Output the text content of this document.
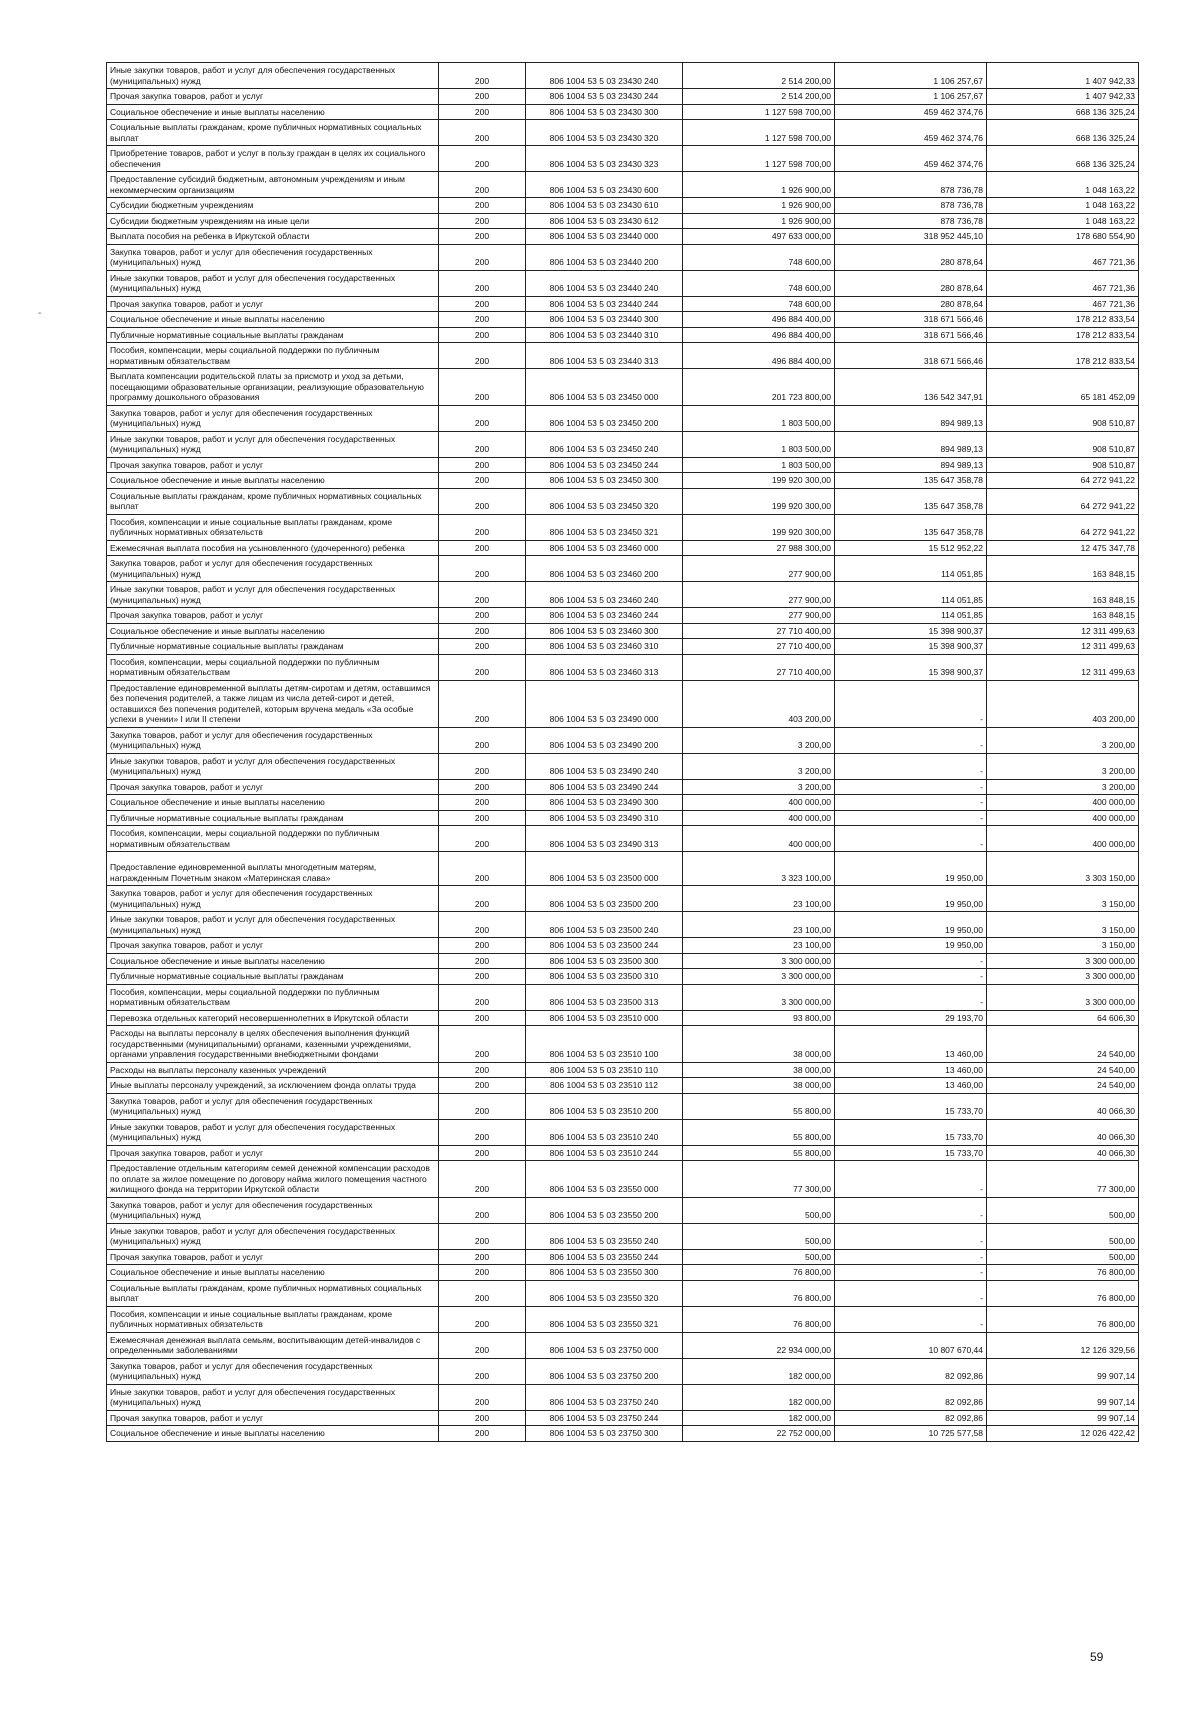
-
Иные закупки товаров, работ и услуг для обеспечения государственных (муниципальных) нужд	200	806 1004 53 5 03 23430 240	2 514 200,00	1 106 257,67	1 407 942,33
Прочая закупка товаров, работ и услуг	200	806 1004 53 5 03 23430 244	2 514 200,00	1 106 257,67	1 407 942,33
Социальное обеспечение и иные выплаты населению	200	806 1004 53 5 03 23430 300	1 127 598 700,00	459 462 374,76	668 136 325,24
Социальные выплаты гражданам, кроме публичных нормативных социальных выплат	200	806 1004 53 5 03 23430 320	1 127 598 700,00	459 462 374,76	668 136 325,24
Приобретение товаров, работ и услуг в пользу граждан в целях их социального обеспечения	200	806 1004 53 5 03 23430 323	1 127 598 700,00	459 462 374,76	668 136 325,24
Предоставление субсидий бюджетным, автономным учреждениям и иным некоммерческим организациям	200	806 1004 53 5 03 23430 600	1 926 900,00	878 736,78	1 048 163,22
Субсидии бюджетным учреждениям	200	806 1004 53 5 03 23430 610	1 926 900,00	878 736,78	1 048 163,22
Субсидии бюджетным учреждениям на иные цели	200	806 1004 53 5 03 23430 612	1 926 900,00	878 736,78	1 048 163,22
Выплата пособия на ребенка в Иркутской области	200	806 1004 53 5 03 23440 000	497 633 000,00	318 952 445,10	178 680 554,90
Закупка товаров, работ и услуг для обеспечения государственных (муниципальных) нужд	200	806 1004 53 5 03 23440 200	748 600,00	280 878,64	467 721,36
Иные закупки товаров, работ и услуг для обеспечения государственных (муниципальных) нужд	200	806 1004 53 5 03 23440 240	748 600,00	280 878,64	467 721,36
Прочая закупка товаров, работ и услуг	200	806 1004 53 5 03 23440 244	748 600,00	280 878,64	467 721,36
Социальное обеспечение и иные выплаты населению	200	806 1004 53 5 03 23440 300	496 884 400,00	318 671 566,46	178 212 833,54
Публичные нормативные социальные выплаты гражданам	200	806 1004 53 5 03 23440 310	496 884 400,00	318 671 566,46	178 212 833,54
Пособия, компенсации, меры социальной поддержки по публичным нормативным обязательствам	200	806 1004 53 5 03 23440 313	496 884 400,00	318 671 566,46	178 212 833,54
Выплата компенсации родительской платы за присмотр и уход за детьми, посещающими образовательные организации, реализующие образовательную программу дошкольного образования	200	806 1004 53 5 03 23450 000	201 723 800,00	136 542 347,91	65 181 452,09
Закупка товаров, работ и услуг для обеспечения государственных (муниципальных) нужд	200	806 1004 53 5 03 23450 200	1 803 500,00	894 989,13	908 510,87
Иные закупки товаров, работ и услуг для обеспечения государственных (муниципальных) нужд	200	806 1004 53 5 03 23450 240	1 803 500,00	894 989,13	908 510,87
Прочая закупка товаров, работ и услуг	200	806 1004 53 5 03 23450 244	1 803 500,00	894 989,13	908 510,87
Социальное обеспечение и иные выплаты населению	200	806 1004 53 5 03 23450 300	199 920 300,00	135 647 358,78	64 272 941,22
Социальные выплаты гражданам, кроме публичных нормативных социальных выплат	200	806 1004 53 5 03 23450 320	199 920 300,00	135 647 358,78	64 272 941,22
Пособия, компенсации и иные социальные выплаты гражданам, кроме публичных нормативных обязательств	200	806 1004 53 5 03 23450 321	199 920 300,00	135 647 358,78	64 272 941,22
Ежемесячная выплата пособия на усыновленного (удочеренного) ребенка	200	806 1004 53 5 03 23460 000	27 988 300,00	15 512 952,22	12 475 347,78
Закупка товаров, работ и услуг для обеспечения государственных (муниципальных) нужд	200	806 1004 53 5 03 23460 200	277 900,00	114 051,85	163 848,15
Иные закупки товаров, работ и услуг для обеспечения государственных (муниципальных) нужд	200	806 1004 53 5 03 23460 240	277 900,00	114 051,85	163 848,15
Прочая закупка товаров, работ и услуг	200	806 1004 53 5 03 23460 244	277 900,00	114 051,85	163 848,15
Социальное обеспечение и иные выплаты населению	200	806 1004 53 5 03 23460 300	27 710 400,00	15 398 900,37	12 311 499,63
Публичные нормативные социальные выплаты гражданам	200	806 1004 53 5 03 23460 310	27 710 400,00	15 398 900,37	12 311 499,63
Пособия, компенсации, меры социальной поддержки по публичным нормативным обязательствам	200	806 1004 53 5 03 23460 313	27 710 400,00	15 398 900,37	12 311 499,63
Предоставление единовременной выплаты детям-сиротам и детям, оставшимся без попечения родителей, а также лицам из числа детей-сирот и детей, оставшихся без попечения родителей, которым вручена медаль «За особые успехи в учении» I или II степени	200	806 1004 53 5 03 23490 000	403 200,00	-	403 200,00
Закупка товаров, работ и услуг для обеспечения государственных (муниципальных) нужд	200	806 1004 53 5 03 23490 200	3 200,00	-	3 200,00
Иные закупки товаров, работ и услуг для обеспечения государственных (муниципальных) нужд	200	806 1004 53 5 03 23490 240	3 200,00	-	3 200,00
Прочая закупка товаров, работ и услуг	200	806 1004 53 5 03 23490 244	3 200,00	-	3 200,00
Социальное обеспечение и иные выплаты населению	200	806 1004 53 5 03 23490 300	400 000,00	-	400 000,00
Публичные нормативные социальные выплаты гражданам	200	806 1004 53 5 03 23490 310	400 000,00	-	400 000,00
Пособия, компенсации, меры социальной поддержки по публичным нормативным обязательствам	200	806 1004 53 5 03 23490 313	400 000,00	-	400 000,00
Предоставление единовременной выплаты многодетным матерям, награжденным Почетным знаком «Материнская слава»	200	806 1004 53 5 03 23500 000	3 323 100,00	19 950,00	3 303 150,00
Закупка товаров, работ и услуг для обеспечения государственных (муниципальных) нужд	200	806 1004 53 5 03 23500 200	23 100,00	19 950,00	3 150,00
Иные закупки товаров, работ и услуг для обеспечения государственных (муниципальных) нужд	200	806 1004 53 5 03 23500 240	23 100,00	19 950,00	3 150,00
Прочая закупка товаров, работ и услуг	200	806 1004 53 5 03 23500 244	23 100,00	19 950,00	3 150,00
Социальное обеспечение и иные выплаты населению	200	806 1004 53 5 03 23500 300	3 300 000,00	-	3 300 000,00
Публичные нормативные социальные выплаты гражданам	200	806 1004 53 5 03 23500 310	3 300 000,00	-	3 300 000,00
Пособия, компенсации, меры социальной поддержки по публичным нормативным обязательствам	200	806 1004 53 5 03 23500 313	3 300 000,00	-	3 300 000,00
Перевозка отдельных категорий несовершеннолетних в Иркутской области	200	806 1004 53 5 03 23510 000	93 800,00	29 193,70	64 606,30
Расходы на выплаты персоналу в целях обеспечения выполнения функций государственными (муниципальными) органами, казенными учреждениями, органами управления государственными внебюджетными фондами	200	806 1004 53 5 03 23510 100	38 000,00	13 460,00	24 540,00
Расходы на выплаты персоналу казенных учреждений	200	806 1004 53 5 03 23510 110	38 000,00	13 460,00	24 540,00
Иные выплаты персоналу учреждений, за исключением фонда оплаты труда	200	806 1004 53 5 03 23510 112	38 000,00	13 460,00	24 540,00
Закупка товаров, работ и услуг для обеспечения государственных (муниципальных) нужд	200	806 1004 53 5 03 23510 200	55 800,00	15 733,70	40 066,30
Иные закупки товаров, работ и услуг для обеспечения государственных (муниципальных) нужд	200	806 1004 53 5 03 23510 240	55 800,00	15 733,70	40 066,30
Прочая закупка товаров, работ и услуг	200	806 1004 53 5 03 23510 244	55 800,00	15 733,70	40 066,30
Предоставление отдельным категориям семей денежной компенсации расходов по оплате за жилое помещение по договору найма жилого помещения частного жилищного фонда на территории Иркутской области	200	806 1004 53 5 03 23550 000	77 300,00	-	77 300,00
Закупка товаров, работ и услуг для обеспечения государственных (муниципальных) нужд	200	806 1004 53 5 03 23550 200	500,00	-	500,00
Иные закупки товаров, работ и услуг для обеспечения государственных (муниципальных) нужд	200	806 1004 53 5 03 23550 240	500,00	-	500,00
Прочая закупка товаров, работ и услуг	200	806 1004 53 5 03 23550 244	500,00	-	500,00
Социальное обеспечение и иные выплаты населению	200	806 1004 53 5 03 23550 300	76 800,00	-	76 800,00
Социальные выплаты гражданам, кроме публичных нормативных социальных выплат	200	806 1004 53 5 03 23550 320	76 800,00	-	76 800,00
Пособия, компенсации и иные социальные выплаты гражданам, кроме публичных нормативных обязательств	200	806 1004 53 5 03 23550 321	76 800,00	-	76 800,00
Ежемесячная денежная выплата семьям, воспитывающим детей-инвалидов с определенными заболеваниями	200	806 1004 53 5 03 23750 000	22 934 000,00	10 807 670,44	12 126 329,56
Закупка товаров, работ и услуг для обеспечения государственных (муниципальных) нужд	200	806 1004 53 5 03 23750 200	182 000,00	82 092,86	99 907,14
Иные закупки товаров, работ и услуг для обеспечения государственных (муниципальных) нужд	200	806 1004 53 5 03 23750 240	182 000,00	82 092,86	99 907,14
Прочая закупка товаров, работ и услуг	200	806 1004 53 5 03 23750 244	182 000,00	82 092,86	99 907,14
Социальное обеспечение и иные выплаты населению	200	806 1004 53 5 03 23750 300	22 752 000,00	10 725 577,58	12 026 422,42
59
